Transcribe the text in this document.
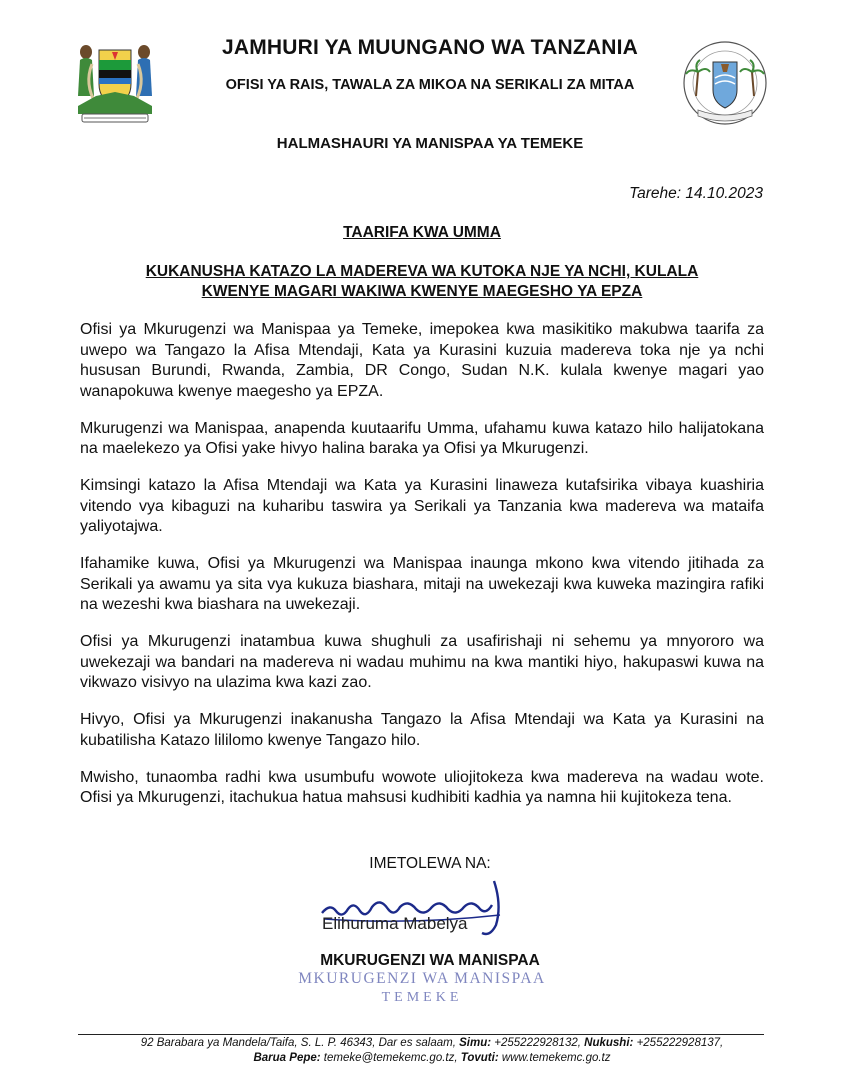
JAMHURI YA MUUNGANO WA TANZANIA
OFISI YA RAIS, TAWALA ZA MIKOA NA SERIKALI ZA MITAA
HALMASHAURI YA MANISPAA YA TEMEKE
Tarehe: 14.10.2023
TAARIFA KWA UMMA
KUKANUSHA KATAZO LA MADEREVA WA KUTOKA NJE YA NCHI, KULALA
KWENYE MAGARI WAKIWA KWENYE MAEGESHO YA EPZA

Ofisi ya Mkurugenzi wa Manispaa ya Temeke, imepokea kwa masikitiko makubwa taarifa za uwepo wa Tangazo la Afisa Mtendaji, Kata ya Kurasini kuzuia madereva toka nje ya nchi hususan Burundi, Rwanda, Zambia, DR Congo, Sudan N.K. kulala kwenye magari yao wanapokuwa kwenye maegesho ya EPZA.

Mkurugenzi wa Manispaa, anapenda kuutaarifu Umma, ufahamu kuwa katazo hilo halijatokana na maelekezo ya Ofisi yake hivyo halina baraka ya Ofisi ya Mkurugenzi.

Kimsingi katazo la Afisa Mtendaji wa Kata ya Kurasini linaweza kutafsirika vibaya kuashiria vitendo vya kibaguzi na kuharibu taswira ya Serikali ya Tanzania kwa madereva wa mataifa yaliyotajwa.

Ifahamike kuwa, Ofisi ya Mkurugenzi wa Manispaa inaunga mkono kwa vitendo jitihada za Serikali ya awamu ya sita vya kukuza biashara, mitaji na uwekezaji kwa kuweka mazingira rafiki na wezeshi kwa biashara na uwekezaji.

Ofisi ya Mkurugenzi inatambua kuwa shughuli za usafirishaji ni sehemu ya mnyororo wa uwekezaji wa bandari na madereva ni wadau muhimu na kwa mantiki hiyo, hakupaswi kuwa na vikwazo visivyo na ulazima kwa kazi zao.

Hivyo, Ofisi ya Mkurugenzi inakanusha Tangazo la Afisa Mtendaji wa Kata ya Kurasini na kubatilisha Katazo lililomo kwenye Tangazo hilo.

Mwisho, tunaomba radhi kwa usumbufu wowote uliojitokeza kwa madereva na wadau wote. Ofisi ya Mkurugenzi, itachukua hatua mahsusi kudhibiti kadhia ya namna hii kujitokeza tena.

IMETOLEWA NA:
Elihuruma Mabelya
MKURUGENZI WA MANISPAA
MKURUGENZI WA MANISPAA
TEMEKE
92 Barabara ya Mandela/Taifa, S. L. P. 46343, Dar es salaam, Simu: +255222928132, Nukushi: +255222928137,
Barua Pepe: temeke@temekemc.go.tz, Tovuti: www.temekemc.go.tz
